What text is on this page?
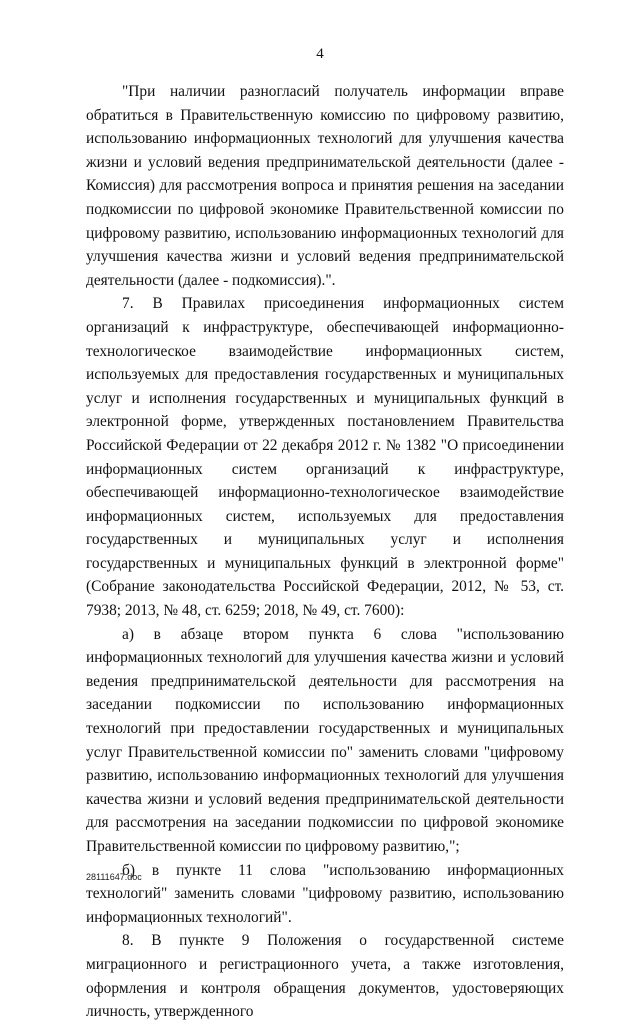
4

"При наличии разногласий получатель информации вправе обратиться в Правительственную комиссию по цифровому развитию, использованию информационных технологий для улучшения качества жизни и условий ведения предпринимательской деятельности (далее - Комиссия) для рассмотрения вопроса и принятия решения на заседании подкомиссии по цифровой экономике Правительственной комиссии по цифровому развитию, использованию информационных технологий для улучшения качества жизни и условий ведения предпринимательской деятельности (далее - подкомиссия).".

7. В Правилах присоединения информационных систем организаций к инфраструктуре, обеспечивающей информационно-технологическое взаимодействие информационных систем, используемых для предоставления государственных и муниципальных услуг и исполнения государственных и муниципальных функций в электронной форме, утвержденных постановлением Правительства Российской Федерации от 22 декабря 2012 г. № 1382 "О присоединении информационных систем организаций к инфраструктуре, обеспечивающей информационно-технологическое взаимодействие информационных систем, используемых для предоставления государственных и муниципальных услуг и исполнения государственных и муниципальных функций в электронной форме" (Собрание законодательства Российской Федерации, 2012, № 53, ст. 7938; 2013, № 48, ст. 6259; 2018, № 49, ст. 7600):

а) в абзаце втором пункта 6 слова "использованию информационных технологий для улучшения качества жизни и условий ведения предпринимательской деятельности для рассмотрения на заседании подкомиссии по использованию информационных технологий при предоставлении государственных и муниципальных услуг Правительственной комиссии по" заменить словами "цифровому развитию, использованию информационных технологий для улучшения качества жизни и условий ведения предпринимательской деятельности для рассмотрения на заседании подкомиссии по цифровой экономике Правительственной комиссии по цифровому развитию,";

б) в пункте 11 слова "использованию информационных технологий" заменить словами "цифровому развитию, использованию информационных технологий".

8. В пункте 9 Положения о государственной системе миграционного и регистрационного учета, а также изготовления, оформления и контроля обращения документов, удостоверяющих личность, утвержденного

28111647.doc
